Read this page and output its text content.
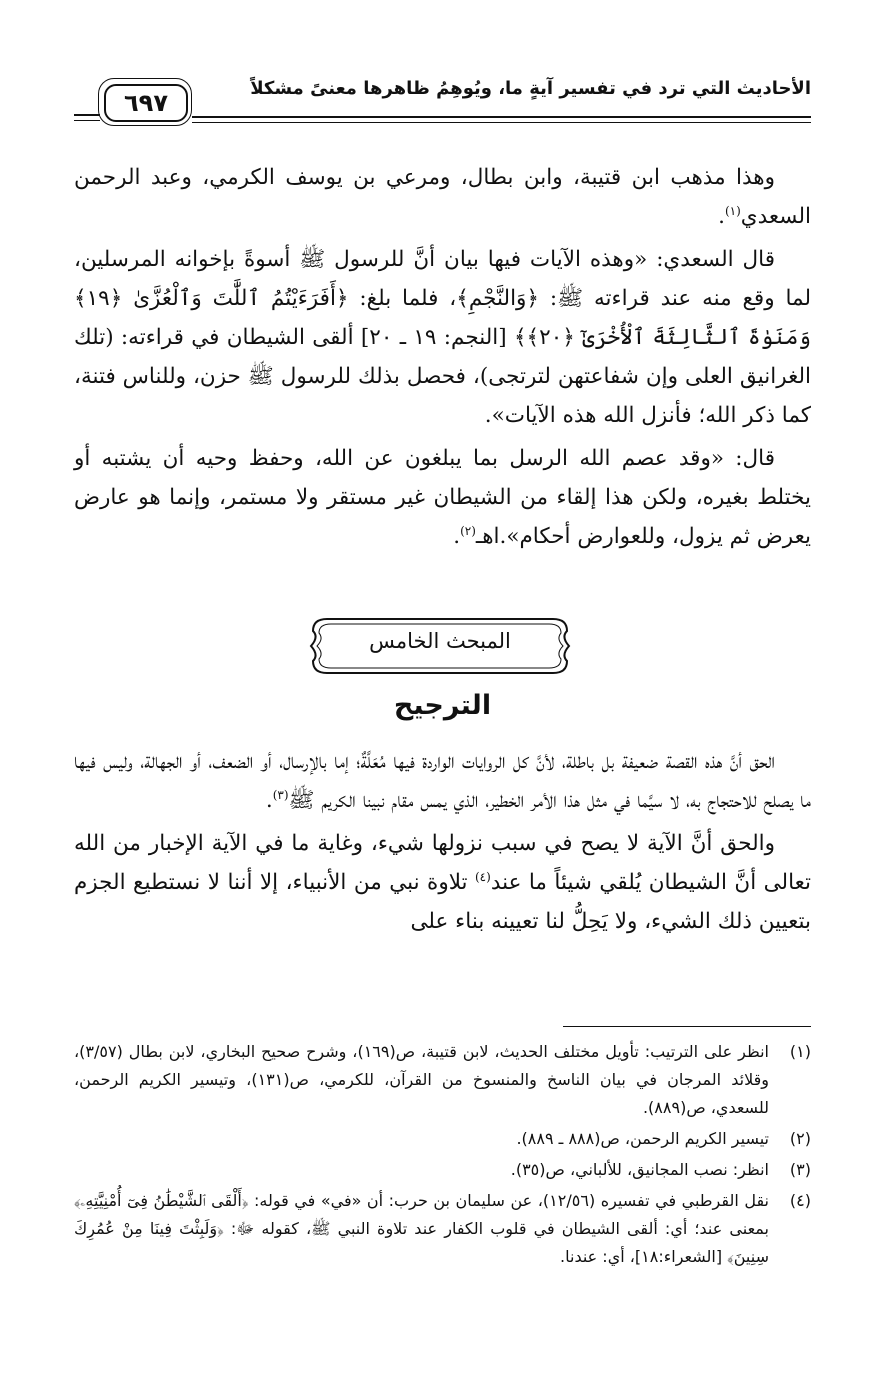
٦٩٧
الأحاديث التي ترد في تفسير آيةٍ ما، ويُوهِمُ ظاهرها معنىً مشكلاً

وهذا مذهب ابن قتيبة، وابن بطال، ومرعي بن يوسف الكرمي، وعبد الرحمن السعدي$^{(١)}$.

قال السعدي: «وهذه الآيات فيها بيان أنَّ للرسول ﷺ أسوةً بإخوانه المرسلين، لما وقع منه عند قراءته ﷺ: ﴿وَالنَّجْمِ﴾، فلما بلغ: ﴿أَفَرَءَيْتُمُ ٱللَّٰتَ وَٱلْعُزَّىٰ ﴿١٩﴾ وَمَنَوٰةَ ٱلثَّالِثَةَ ٱلْأُخْرَىٰٓ ﴿٢٠﴾﴾ [النجم: ١٩ ـ ٢٠] ألقى الشيطان في قراءته: (تلك الغرانيق العلى وإن شفاعتهن لترتجى)، فحصل بذلك للرسول ﷺ حزن، وللناس فتنة، كما ذكر الله؛ فأنزل الله هذه الآيات».

قال: «وقد عصم الله الرسل بما يبلغون عن الله، وحفظ وحيه أن يشتبه أو يختلط بغيره، ولكن هذا إلقاء من الشيطان غير مستقر ولا مستمر، وإنما هو عارض يعرض ثم يزول، وللعوارض أحكام».اهـ$^{(٢)}$.

المبحث الخامس
الترجيح

الحق أنَّ هذه القصة ضعيفة بل باطلة، لأنَّ كل الروايات الواردة فيها مُعَلَّةٌ؛ إما بالإرسال، أو الضعف، أو الجهالة، وليس فيها ما يصلح للاحتجاج به، لا سيَّما في مثل هذا الأمر الخطير، الذي يمس مقام نبينا الكريم ﷺ$^{(٣)}$.

والحق أنَّ الآية لا يصح في سبب نزولها شيء، وغاية ما في الآية الإخبار من الله تعالى أنَّ الشيطان يُلقي شيئاً ما عند$^{(٤)}$ تلاوة نبي من الأنبياء، إلا أننا لا نستطيع الجزم بتعيين ذلك الشيء، ولا يَحِلُّ لنا تعيينه بناء على

(١)
انظر على الترتيب: تأويل مختلف الحديث، لابن قتيبة، ص(١٦٩)، وشرح صحيح البخاري، لابن بطال (٣/٥٧)، وقلائد المرجان في بيان الناسخ والمنسوخ من القرآن، للكرمي، ص(١٣١)، وتيسير الكريم الرحمن، للسعدي، ص(٨٨٩).
(٢)
تيسير الكريم الرحمن، ص(٨٨٨ ـ ٨٨٩).
(٣)
انظر: نصب المجانيق، للألباني، ص(٣٥).
(٤)
نقل القرطبي في تفسيره (١٢/٥٦)، عن سليمان بن حرب: أن «في» في قوله: ﴿أَلْقَى ٱلشَّيْطَٰنُ فِىٓ أُمْنِيَّتِهِۦ﴾ بمعنى عند؛ أي: ألقى الشيطان في قلوب الكفار عند تلاوة النبي ﷺ، كقوله ﷻ: ﴿وَلَبِثْتَ فِينَا مِنْ عُمُرِكَ سِنِينَ﴾ [الشعراء:١٨]، أي: عندنا.
